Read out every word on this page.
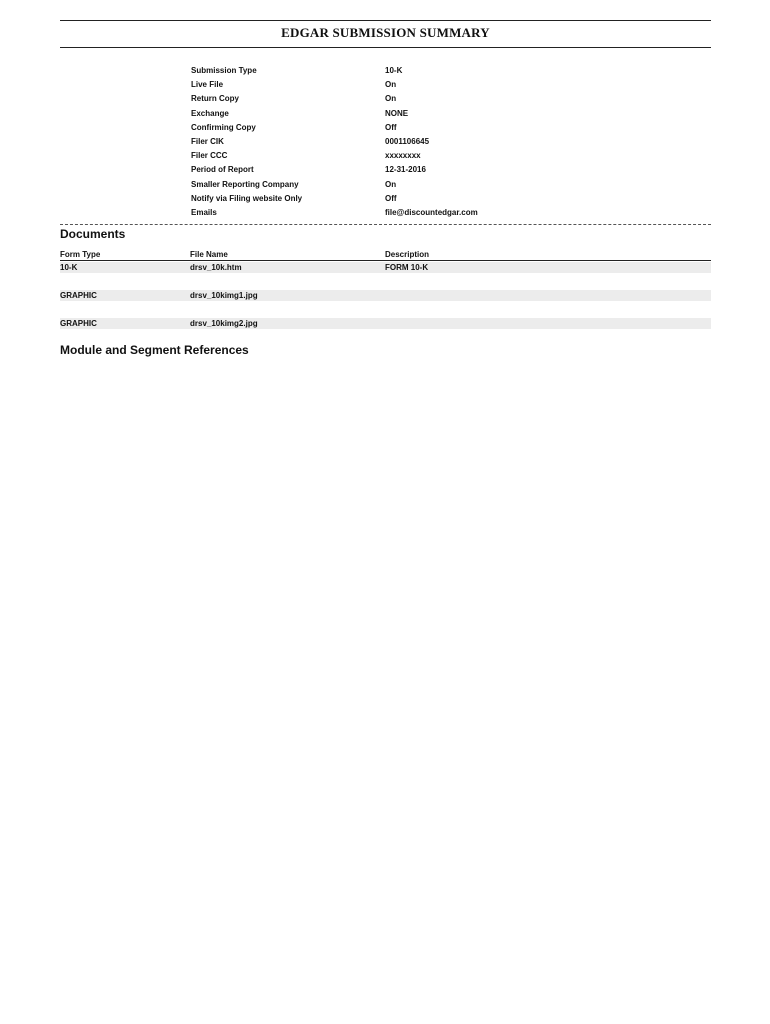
EDGAR SUBMISSION SUMMARY
Submission Type	10-K
Live File	On
Return Copy	On
Exchange	NONE
Confirming Copy	Off
Filer CIK	0001106645
Filer CCC	xxxxxxxx
Period of Report	12-31-2016
Smaller Reporting Company	On
Notify via Filing website Only	Off
Emails	file@discountedgar.com
Documents
Form Type	File Name	Description
10-K	drsv_10k.htm	FORM 10-K
GRAPHIC	drsv_10kimg1.jpg
GRAPHIC	drsv_10kimg2.jpg
Module and Segment References
